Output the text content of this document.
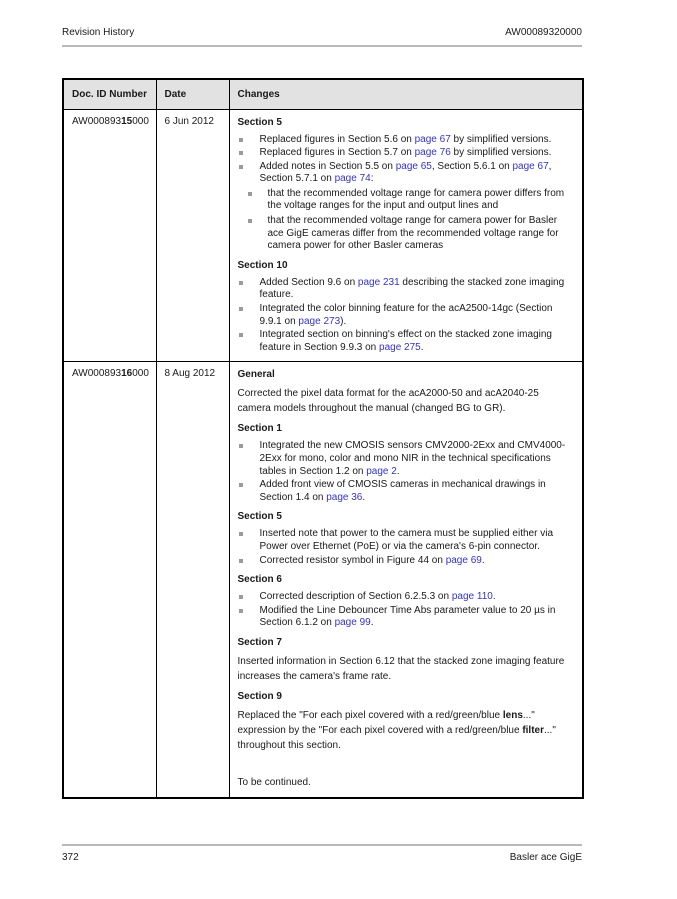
Revision History	AW00089320000
Doc. ID Number	Date	Changes
AW00089315000	6 Jun 2012	Section 5
Replaced figures in Section 5.6 on page 67 by simplified versions.
Replaced figures in Section 5.7 on page 76 by simplified versions.
Added notes in Section 5.5 on page 65, Section 5.6.1 on page 67, Section 5.7.1 on page 74:
that the recommended voltage range for camera power differs from the voltage ranges for the input and output lines and
that the recommended voltage range for camera power for Basler ace GigE cameras differ from the recommended voltage range for camera power for other Basler cameras
Section 10
Added Section 9.6 on page 231 describing the stacked zone imaging feature.
Integrated the color binning feature for the acA2500-14gc (Section 9.9.1 on page 273).
Integrated section on binning's effect on the stacked zone imaging feature in Section 9.9.3 on page 275.

AW00089316000	8 Aug 2012	General
Corrected the pixel data format for the acA2000-50 and acA2040-25 camera models throughout the manual (changed BG to GR).
Section 1
Integrated the new CMOSIS sensors CMV2000-2Exx and CMV4000-2Exx for mono, color and mono NIR in the technical specifications tables in Section 1.2 on page 2.
Added front view of CMOSIS cameras in mechanical drawings in Section 1.4 on page 36.
Section 5
Inserted note that power to the camera must be supplied either via Power over Ethernet (PoE) or via the camera's 6-pin connector.
Corrected resistor symbol in Figure 44 on page 69.
Section 6
Corrected description of Section 6.2.5.3 on page 110.
Modified the Line Debouncer Time Abs parameter value to 20 µs in Section 6.1.2 on page 99.
Section 7
Inserted information in Section 6.12 that the stacked zone imaging feature increases the camera's frame rate.
Section 9
Replaced the "For each pixel covered with a red/green/blue lens..." expression by the "For each pixel covered with a red/green/blue filter..." throughout this section.
To be continued.
372	Basler ace GigE
